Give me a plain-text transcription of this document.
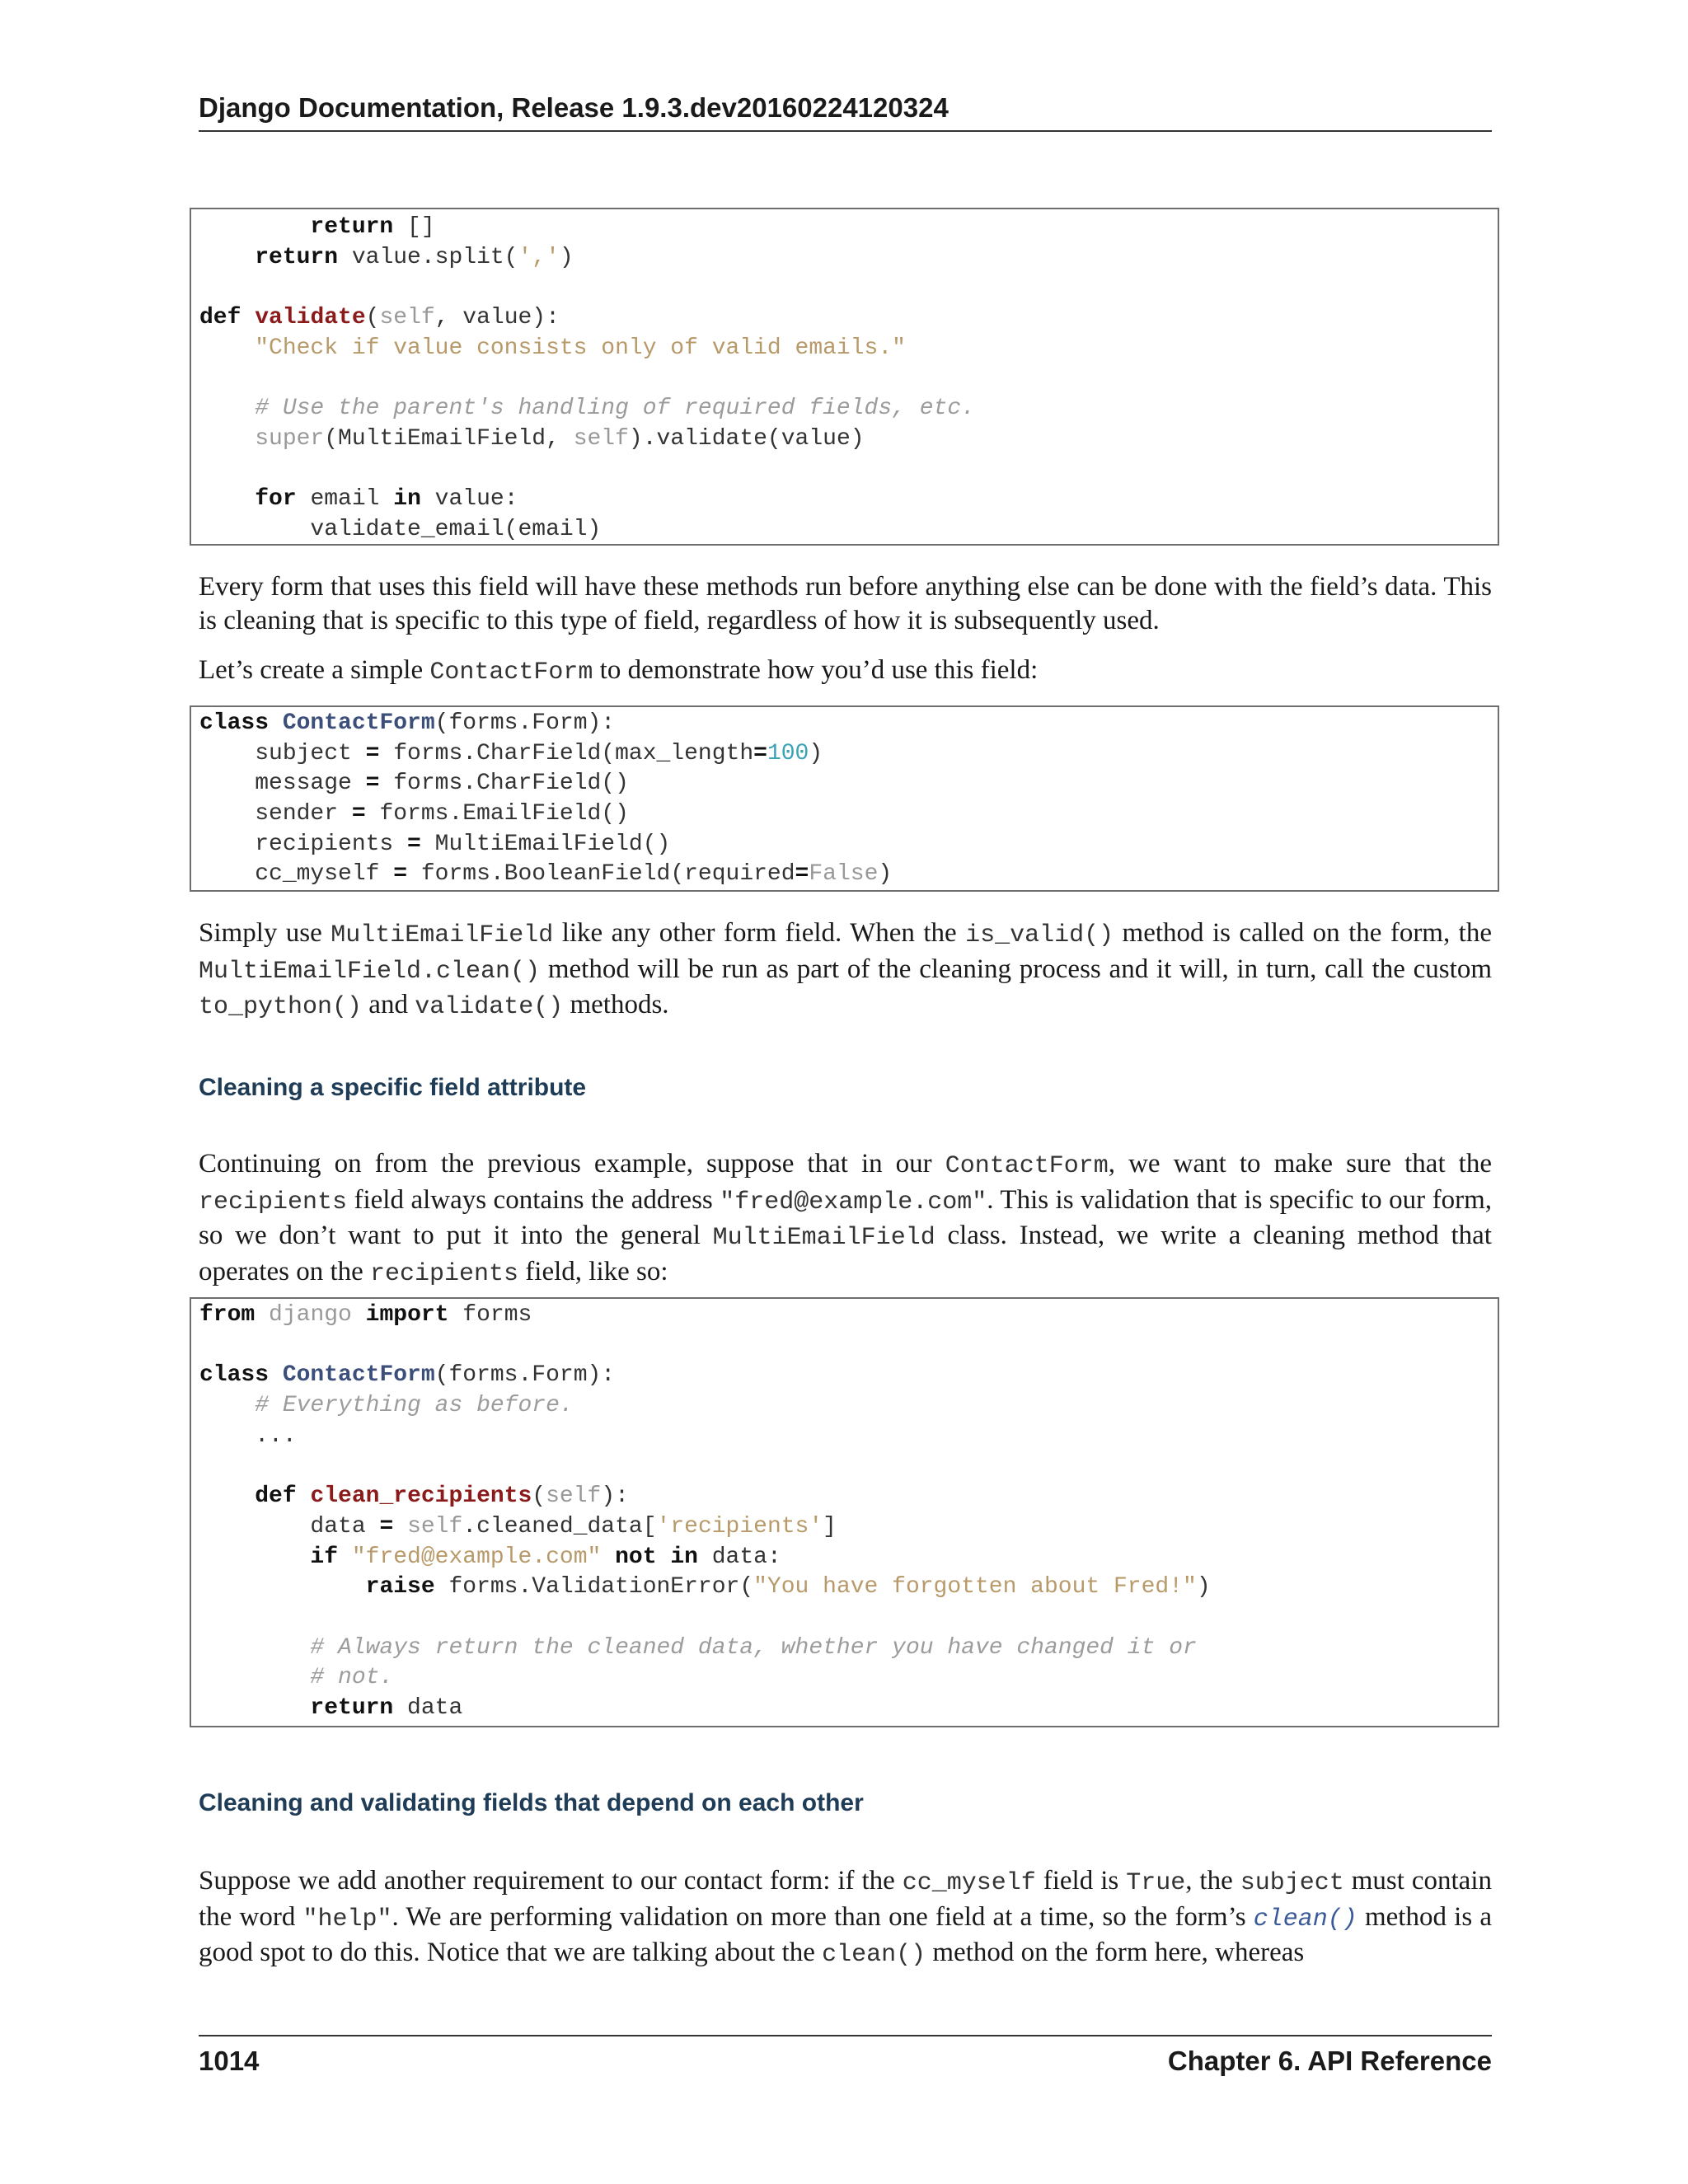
Django Documentation, Release 1.9.3.dev20160224120324
return []
return value.split(',')

def validate(self, value):
"Check if value consists only of valid emails."

# Use the parent's handling of required fields, etc.
super(MultiEmailField, self).validate(value)

for email in value:
validate_email(email)
Every form that uses this field will have these methods run before anything else can be done with the field’s data. This is cleaning that is specific to this type of field, regardless of how it is subsequently used.
Let’s create a simple ContactForm to demonstrate how you’d use this field:
class ContactForm(forms.Form):
subject = forms.CharField(max_length=100)
message = forms.CharField()
sender = forms.EmailField()
recipients = MultiEmailField()
cc_myself = forms.BooleanField(required=False)
Simply use MultiEmailField like any other form field. When the is_valid() method is called on the form, the MultiEmailField.clean() method will be run as part of the cleaning process and it will, in turn, call the custom to_python() and validate() methods.
Cleaning a specific field attribute
Continuing on from the previous example, suppose that in our ContactForm, we want to make sure that the recipients field always contains the address "fred@example.com". This is validation that is specific to our form, so we don’t want to put it into the general MultiEmailField class. Instead, we write a cleaning method that operates on the recipients field, like so:
from django import forms

class ContactForm(forms.Form):
# Everything as before.
...

def clean_recipients(self):
data = self.cleaned_data['recipients']
if "fred@example.com" not in data:
raise forms.ValidationError("You have forgotten about Fred!")

# Always return the cleaned data, whether you have changed it or
# not.
return data
Cleaning and validating fields that depend on each other
Suppose we add another requirement to our contact form: if the cc_myself field is True, the subject must contain the word "help". We are performing validation on more than one field at a time, so the form’s clean() method is a good spot to do this. Notice that we are talking about the clean() method on the form here, whereas
1014	Chapter 6. API Reference
